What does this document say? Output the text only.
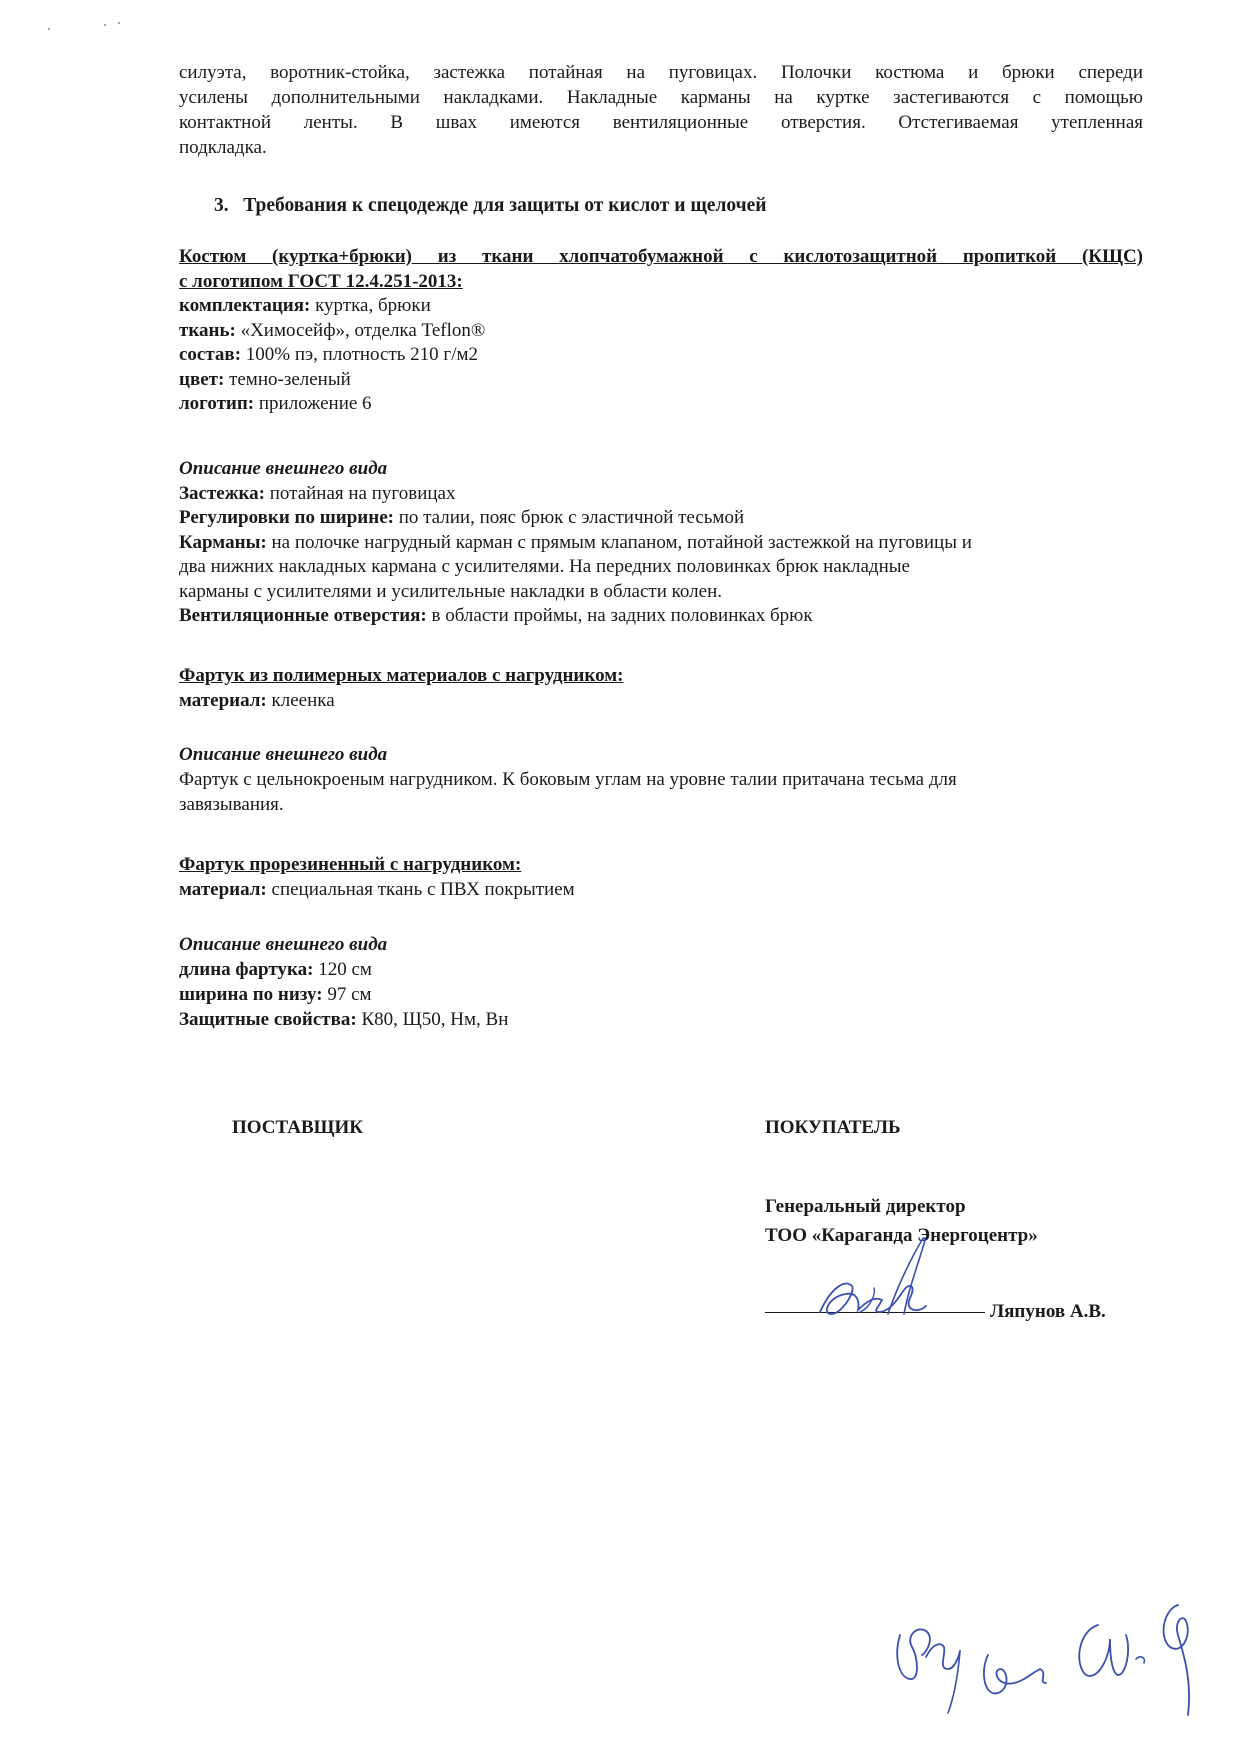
силуэта, воротник-стойка, застежка потайная на пуговицах. Полочки костюма и брюки спереди
усилены дополнительными накладками. Накладные карманы на куртке застегиваются с помощью
контактной ленты. В швах имеются вентиляционные отверстия. Отстегиваемая утепленная
подкладка.
3. Требования к спецодежде для защиты от кислот и щелочей
Костюм (куртка+брюки) из ткани хлопчатобумажной с кислотозащитной пропиткой (КЩС)
с логотипом ГОСТ 12.4.251-2013:
комплектация: куртка, брюки
ткань: «Химосейф», отделка Teflon®
состав: 100% пэ, плотность 210 г/м2
цвет: темно-зеленый
логотип: приложение 6
Описание внешнего вида
Застежка: потайная на пуговицах
Регулировки по ширине: по талии, пояс брюк с эластичной тесьмой
Карманы: на полочке нагрудный карман с прямым клапаном, потайной застежкой на пуговицы и
два нижних накладных кармана с усилителями. На передних половинках брюк накладные
карманы с усилителями и усилительные накладки в области колен.
Вентиляционные отверстия: в области проймы, на задних половинках брюк
Фартук из полимерных материалов с нагрудником:
материал: клеенка
Описание внешнего вида
Фартук с цельнокроеным нагрудником. К боковым углам на уровне талии притачана тесьма для
завязывания.
Фартук прорезиненный с нагрудником:
материал: специальная ткань с ПВХ покрытием
Описание внешнего вида
длина фартука: 120 см
ширина по низу: 97 см
Защитные свойства: К80, Щ50, Нм, Вн
ПОСТАВЩИК	ПОКУПАТЕЛЬ
Генеральный директор
ТОО «Караганда Энергоцентр»
Ляпунов А.В.
